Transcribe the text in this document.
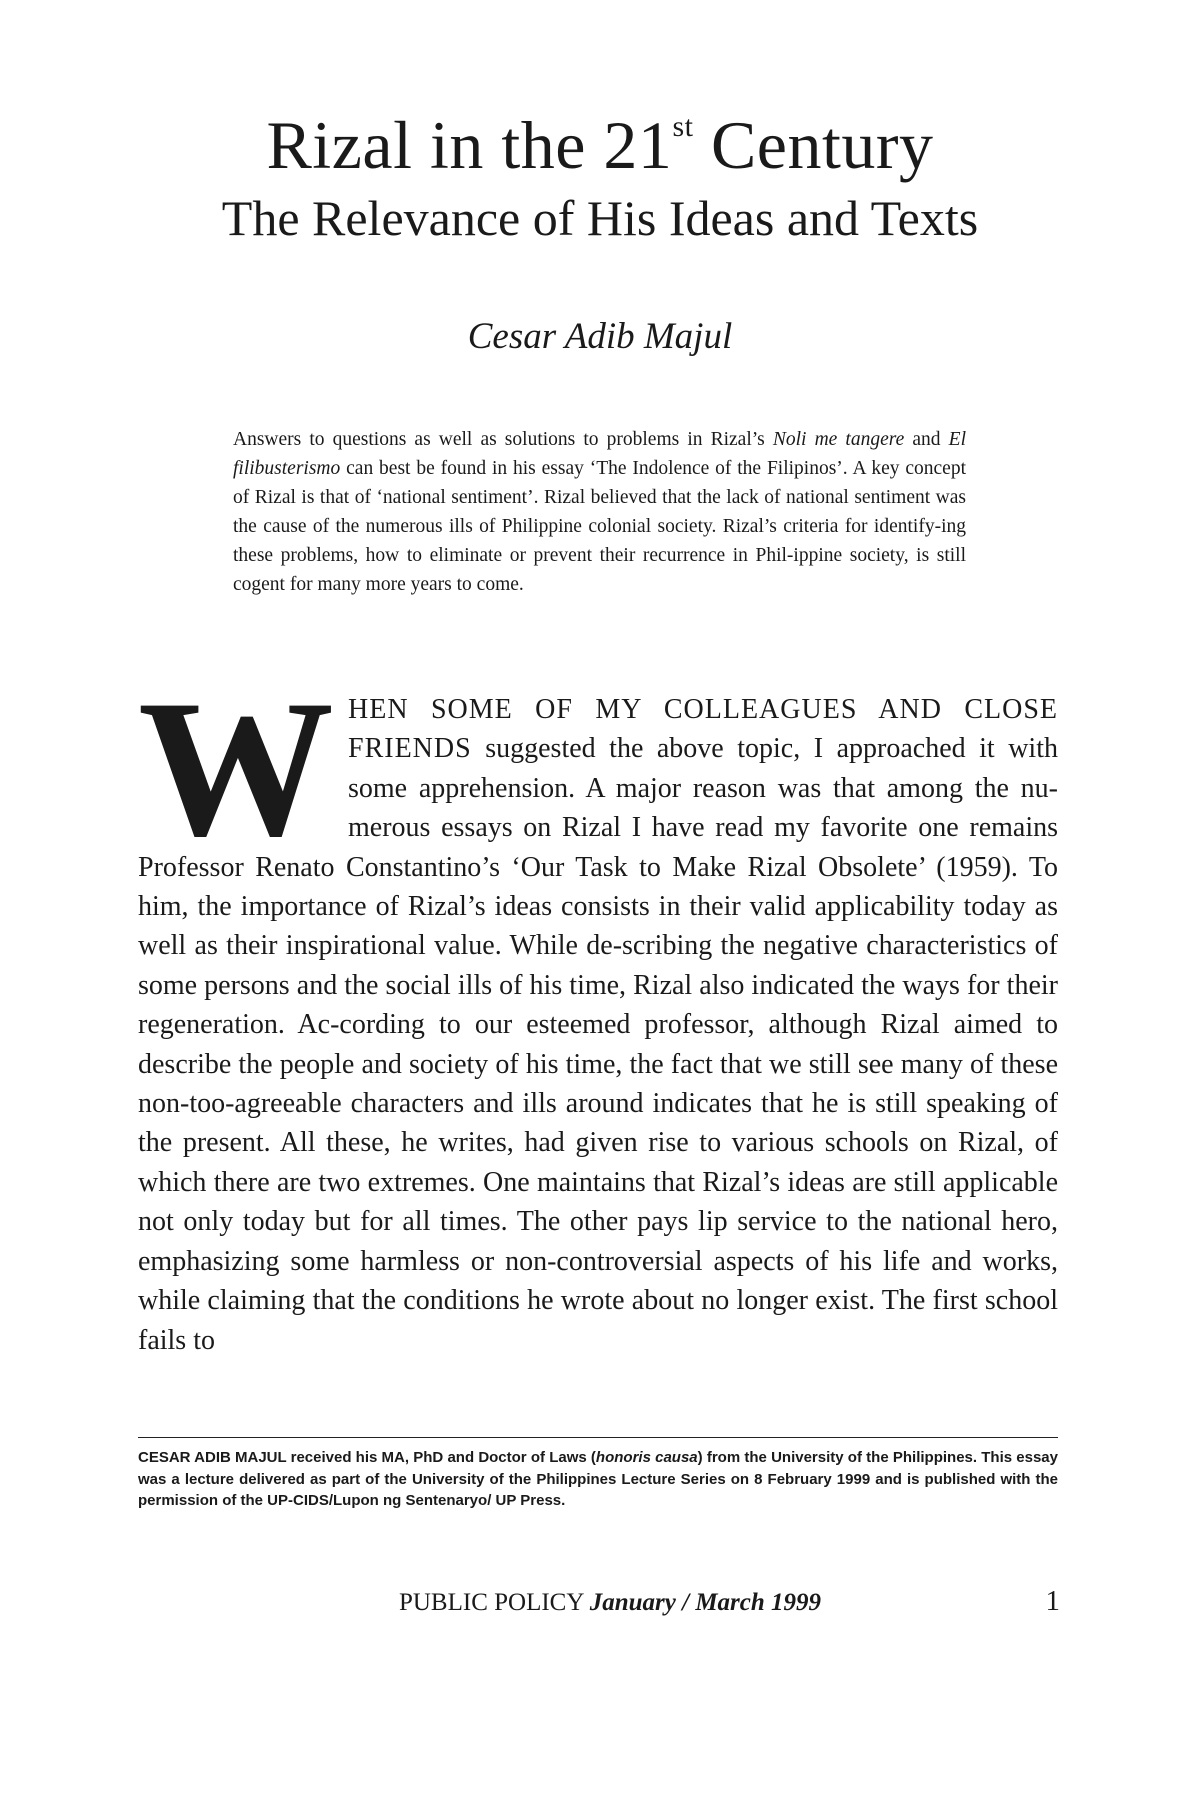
Rizal in the 21st Century
The Relevance of His Ideas and Texts
Cesar Adib Majul

Answers to questions as well as solutions to problems in Rizal’s Noli me tangere and El filibusterismo can best be found in his essay ‘The Indolence of the Filipinos’. A key concept of Rizal is that of ‘national sentiment’. Rizal believed that the lack of national sentiment was the cause of the numerous ills of Philippine colonial society. Rizal’s criteria for identify-ing these problems, how to eliminate or prevent their recurrence in Phil-ippine society, is still cogent for many more years to come.

WHEN SOME OF MY COLLEAGUES AND CLOSE FRIENDS suggested the above topic, I approached it with some apprehension. A major reason was that among the nu-merous essays on Rizal I have read my favorite one remains Professor Renato Constantino’s ‘Our Task to Make Rizal Obsolete’ (1959). To him, the importance of Rizal’s ideas consists in their valid applicability today as well as their inspirational value. While de-scribing the negative characteristics of some persons and the social ills of his time, Rizal also indicated the ways for their regeneration. Ac-cording to our esteemed professor, although Rizal aimed to describe the people and society of his time, the fact that we still see many of these non-too-agreeable characters and ills around indicates that he is still speaking of the present. All these, he writes, had given rise to various schools on Rizal, of which there are two extremes. One maintains that Rizal’s ideas are still applicable not only today but for all times. The other pays lip service to the national hero, emphasizing some harmless or non-controversial aspects of his life and works, while claiming that the conditions he wrote about no longer exist. The first school fails to

CESAR ADIB MAJUL received his MA, PhD and Doctor of Laws (honoris causa) from the University of the Philippines. This essay was a lecture delivered as part of the University of the Philippines Lecture Series on 8 February 1999 and is published with the permission of the UP-CIDS/Lupon ng Sentenaryo/ UP Press.

PUBLIC POLICY January / March 1999	1
